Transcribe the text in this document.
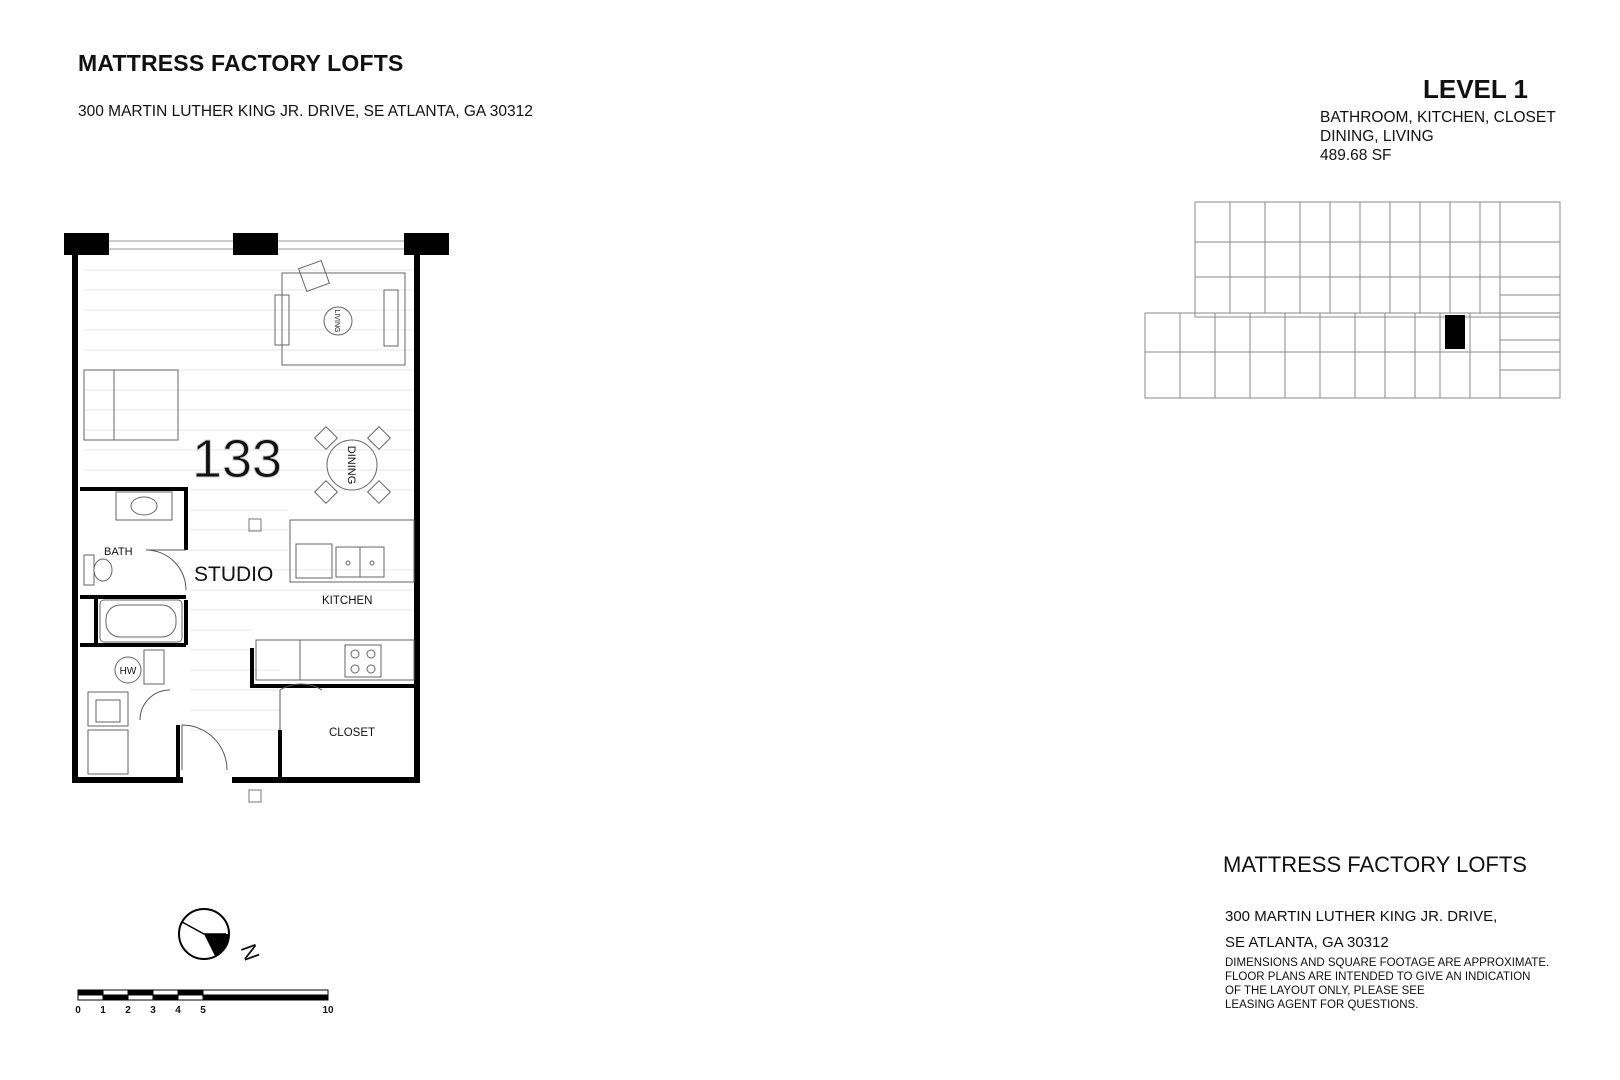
MATTRESS FACTORY LOFTS
300 MARTIN LUTHER KING JR. DRIVE, SE ATLANTA, GA 30312
LEVEL 1
BATHROOM, KITCHEN, CLOSET
DINING, LIVING
489.68 SF
LIVING
133	DINING
BATH
STUDIO
KITCHEN
HW
CLOSET
N
0 1 2 3 4 5	10
MATTRESS FACTORY LOFTS
300 MARTIN LUTHER KING JR. DRIVE,
SE ATLANTA, GA 30312
DIMENSIONS AND SQUARE FOOTAGE ARE APPROXIMATE.
FLOOR PLANS ARE INTENDED TO GIVE AN INDICATION
OF THE LAYOUT ONLY, PLEASE SEE
LEASING AGENT FOR QUESTIONS.
